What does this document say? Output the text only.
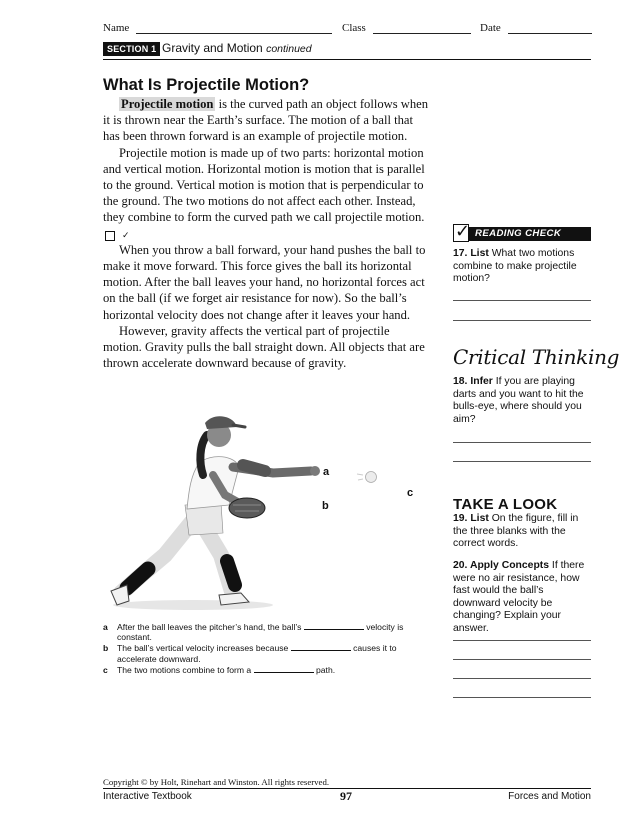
Name	Class	Date
SECTION 1 Gravity and Motion continued
What Is Projectile Motion?

Projectile motion is the curved path an object follows when it is thrown near the Earth’s surface. The motion of a ball that has been thrown forward is an example of projectile motion.

Projectile motion is made up of two parts: horizontal motion and vertical motion. Horizontal motion is motion that is parallel to the ground. Vertical motion is motion that is perpendicular to the ground. The two motions do not affect each other. Instead, they combine to form the curved path we call projectile motion. ✓

When you throw a ball forward, your hand pushes the ball to make it move forward. This force gives the ball its horizontal motion. After the ball leaves your hand, no horizontal forces act on the ball (if we forget air resistance for now). So the ball’s horizontal velocity does not change after it leaves your hand.

However, gravity affects the vertical part of projectile motion. Gravity pulls the ball straight down. All objects that are thrown accelerate downward because of gravity.

a
b
c
a After the ball leaves the pitcher’s hand, the ball’s	velocity is constant.
b The ball’s vertical velocity increases because	causes it to accelerate downward.
c The two motions combine to form a	path.
READING CHECK
✓
17. List What two motions combine to make projectile motion?
Critical Thinking
18. Infer If you are playing darts and you want to hit the bulls-eye, where should you aim?
TAKE A LOOK
19. List On the figure, fill in the three blanks with the correct words.
20. Apply Concepts If there were no air resistance, how fast would the ball’s downward velocity be changing? Explain your answer.
Copyright © by Holt, Rinehart and Winston. All rights reserved.
Interactive Textbook	97	Forces and Motion
